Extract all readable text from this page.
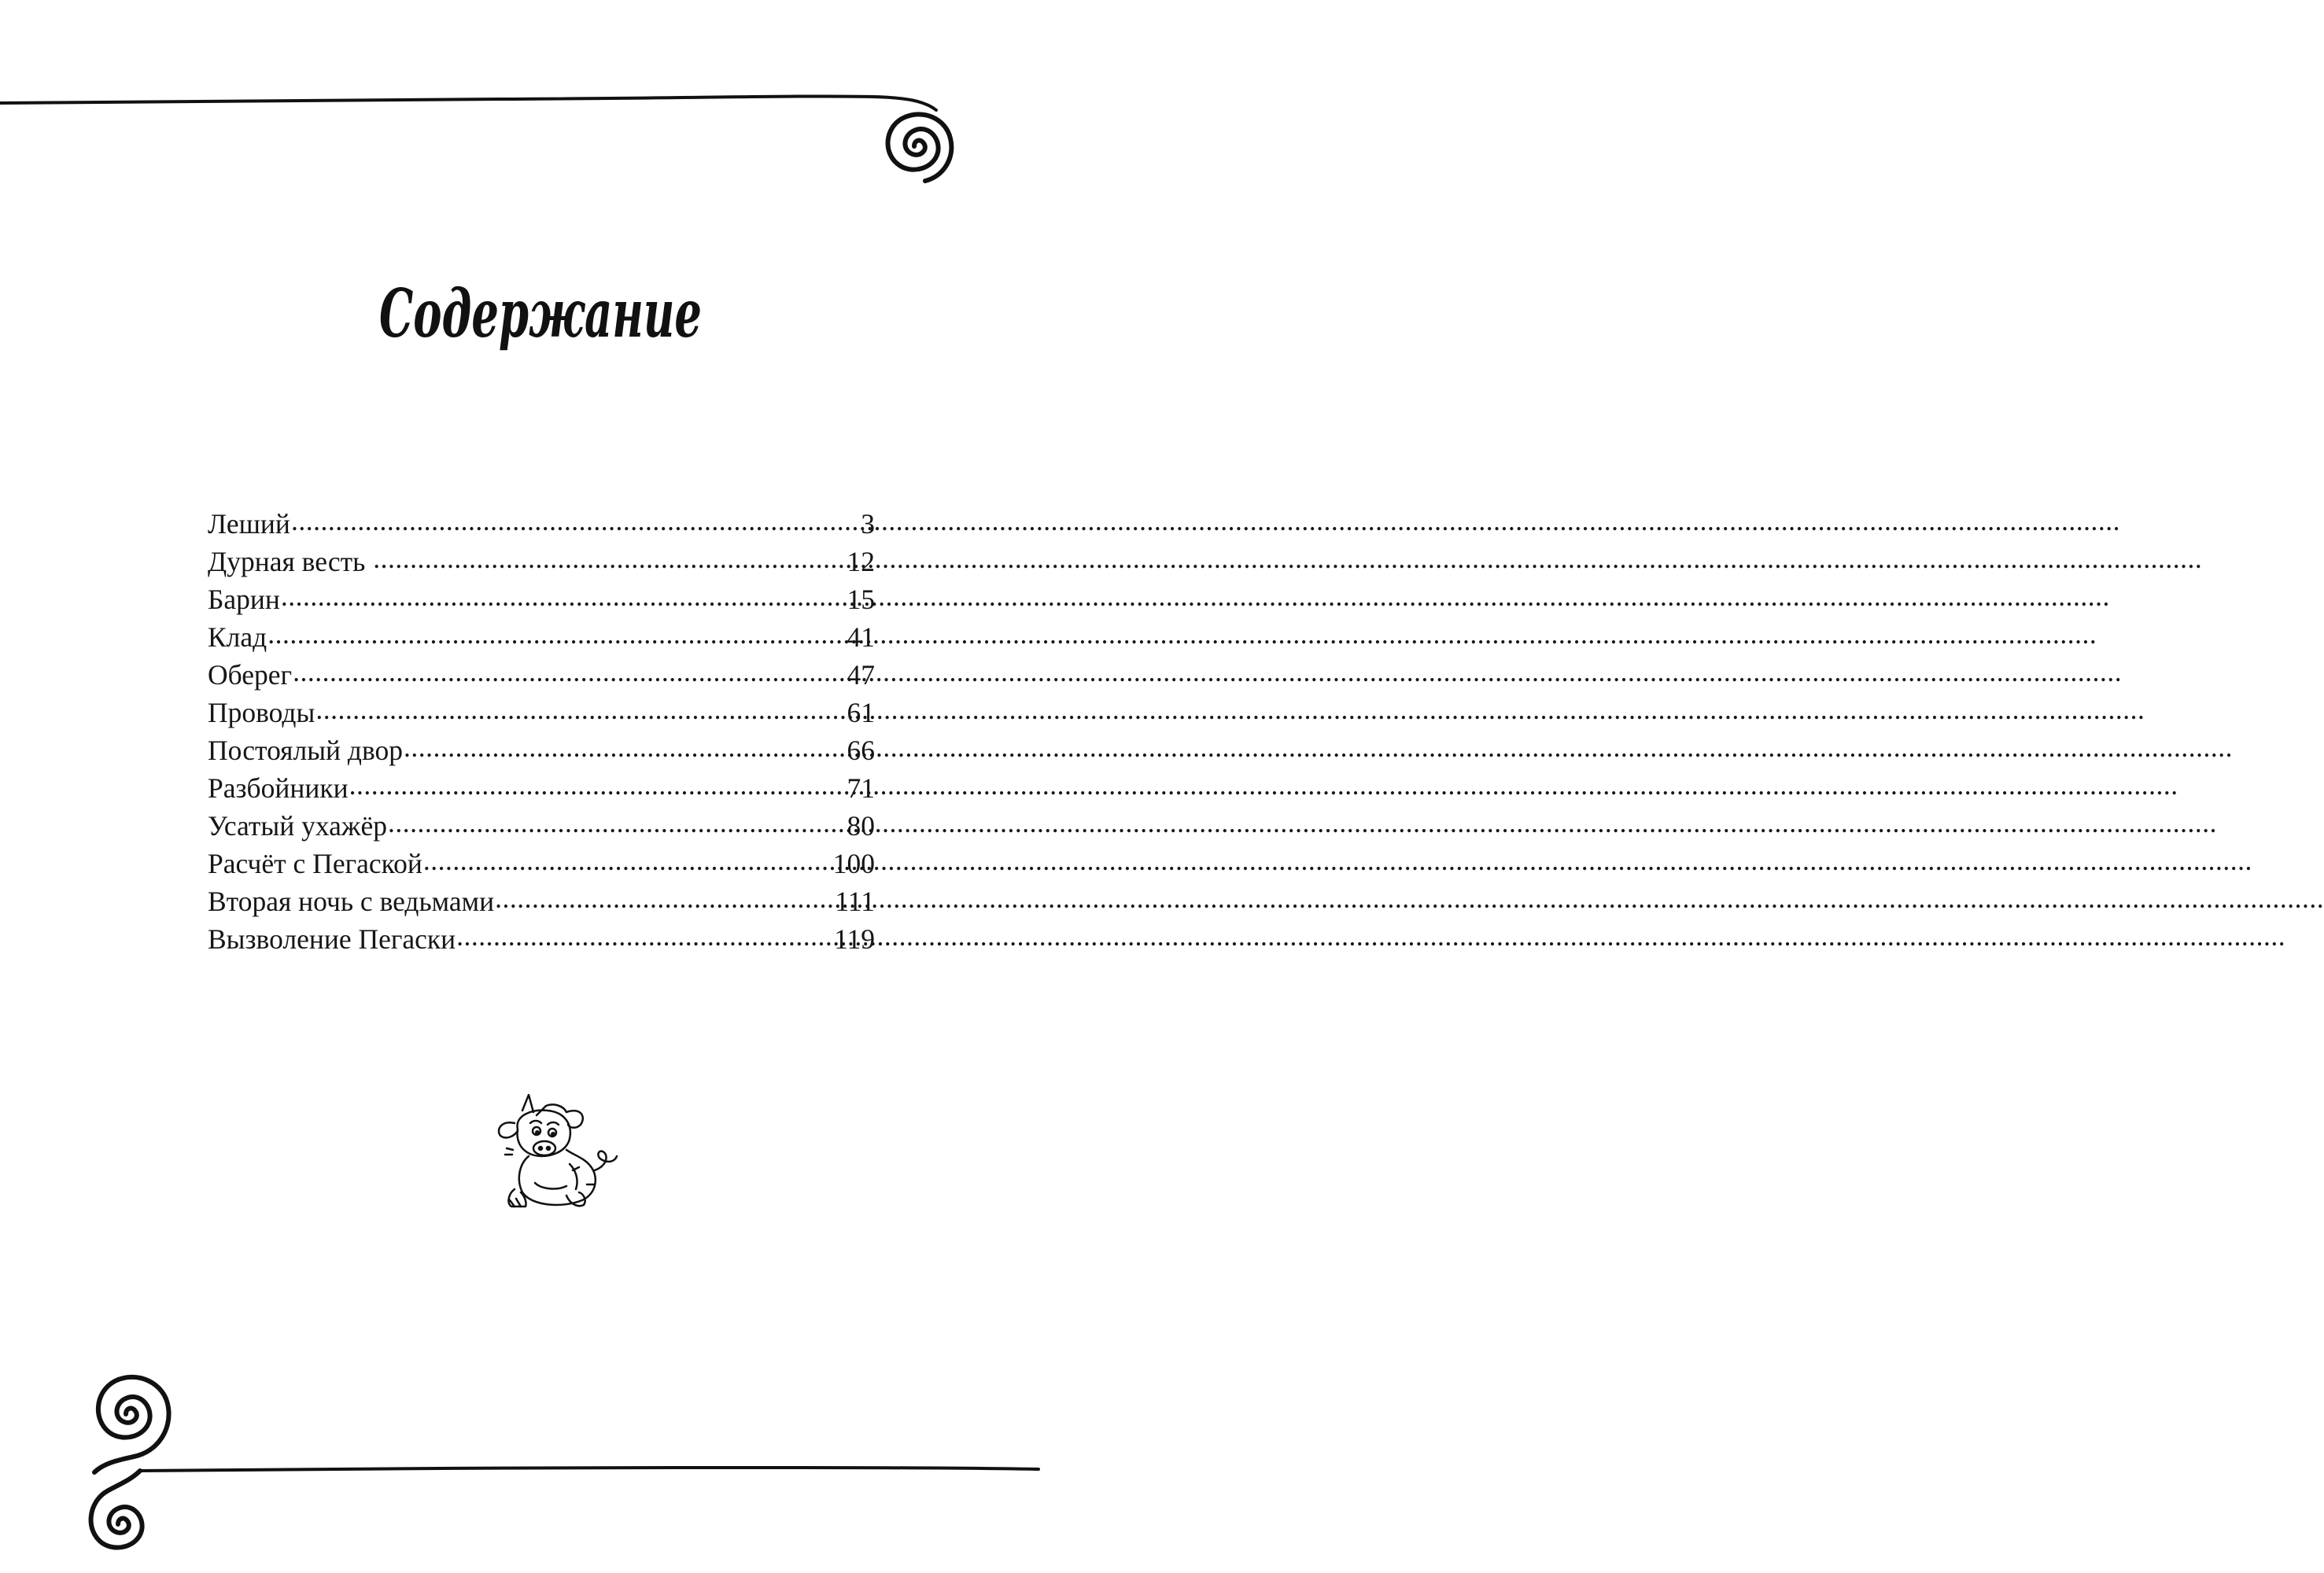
Содержание
Леший .....	3
Дурная весть .....	12
Барин .....	15
Клад .....	41
Оберег .....	47
Проводы .....	61
Постоялый двор .....	66
Разбойники .....	71
Усатый ухажёр .....	80
Расчёт с Пегаской .....	100
Вторая ночь с ведьмами .....	111
Вызволение Пегаски .....	119
